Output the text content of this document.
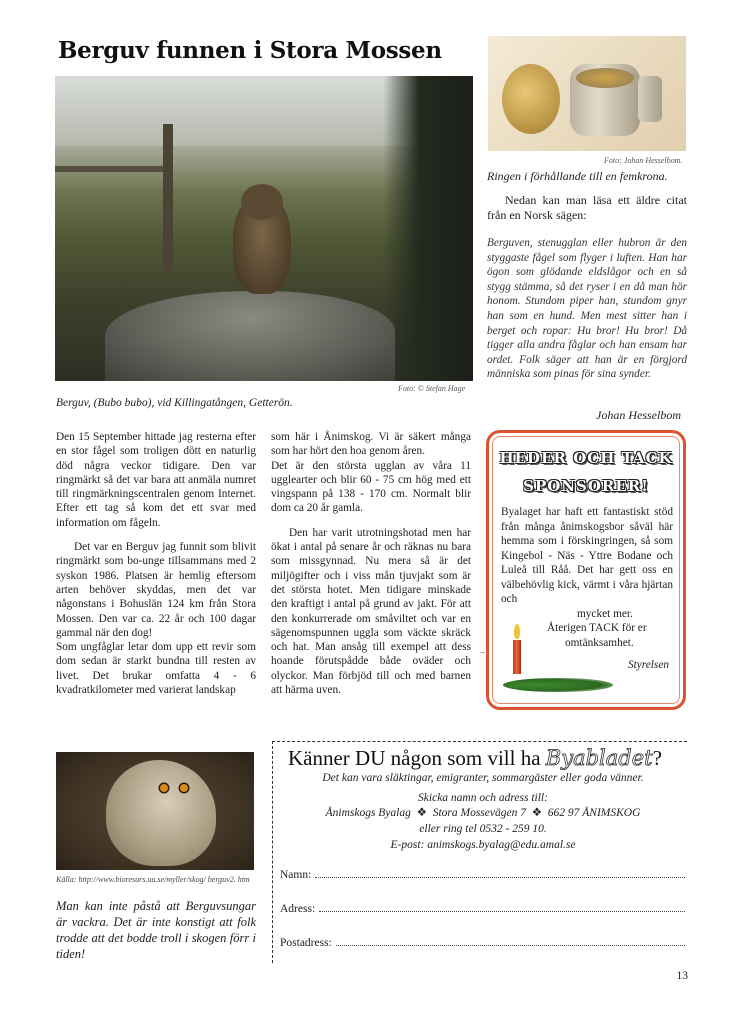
Berguv funnen i Stora Mossen
Foto: © Stefan Hage
Berguv, (Bubo bubo), vid Killingatången, Getterön.
Foto: Johan Hesselbom.
Ringen i förhållande till en femkrona.

Nedan kan man läsa ett äldre citat från en Norsk sägen:

Berguven, stenugglan eller hubron är den styggaste fågel som flyger i luften. Han har ögon som glödande eldslågor och en så stygg stämma, så det ryser i en då man hör honom. Stundom piper han, stundom gnyr han som en hund. Men mest sitter han i berget och ropar: Hu bror! Hu bror! Då tigger alla andra fåglar och han ensam har ordet. Folk säger att han är en förgjord människa som pinas för sina synder.
Johan Hesselbom

Den 15 September hittade jag resterna efter en stor fågel som troligen dött en naturlig död några veckor tidigare. Den var ringmärkt så det var bara att anmäla numret till ringmärkningscentralen genom Internet. Efter ett tag så kom det ett svar med information om fågeln.

Det var en Berguv jag funnit som blivit ringmärkt som bo-unge tillsammans med 2 syskon 1986. Platsen är hemlig eftersom arten behöver skyddas, men det var någonstans i Bohuslän 124 km från Stora Mossen. Den var ca. 22 år och 100 dagar gammal när den dog!

Som ungfåglar letar dom upp ett revir som dom sedan är starkt bundna till resten av livet. Det brukar omfatta 4 - 6 kvadratkilometer med varierat landskap

som här i Ånimskog. Vi är säkert många som har hört den hoa genom åren.

Det är den största ugglan av våra 11 ugglearter och blir 60 - 75 cm hög med ett vingspann på 138 - 170 cm. Normalt blir dom ca 20 år gamla.

Den har varit utrotningshotad men har ökat i antal på senare år och räknas nu bara som missgynnad. Nu mera så är det miljögifter och i viss mån tjuvjakt som är det största hotet. Men tidigare minskade den kraftigt i antal på grund av jakt. För att den konkurrerade om småviltet och var en sägenomspunnen uggla som väckte skräck och hat. Man ansåg till exempel att dess hoande förutspådde både oväder och olyckor. Man förbjöd till och med barnen att härma uven.

HEDER OCH TACK
SPONSORER!
Byalaget har haft ett fantastiskt stöd från många ånimskogsbor såväl här hemma som i förskingringen, så som Kingebol - Näs - Yttre Bodane och Luleå till Råå. Det har gett oss en välbehövlig kick, värmt i våra hjärtan och
mycket mer.
Återigen TACK för er
omtänksamhet.
Styrelsen
→
Källa: http://www.bioresurs.uu.se/myller/skog/ berguv2. htm
Man kan inte påstå att Berguvsungar är vackra. Det är inte konstigt att folk trodde att det bodde troll i skogen förr i tiden!
Känner DU någon som vill ha Byabladet?
Det kan vara släktingar, emigranter, sommargäster eller goda vänner.
Skicka namn och adress till:
Ånimskogs Byalag ❖ Stora Mossevägen 7 ❖ 662 97 ÅNIMSKOG
eller ring tel 0532 - 259 10.
E-post: animskogs.byalag@edu.amal.se
Namn:
Adress:
Postadress:
13
